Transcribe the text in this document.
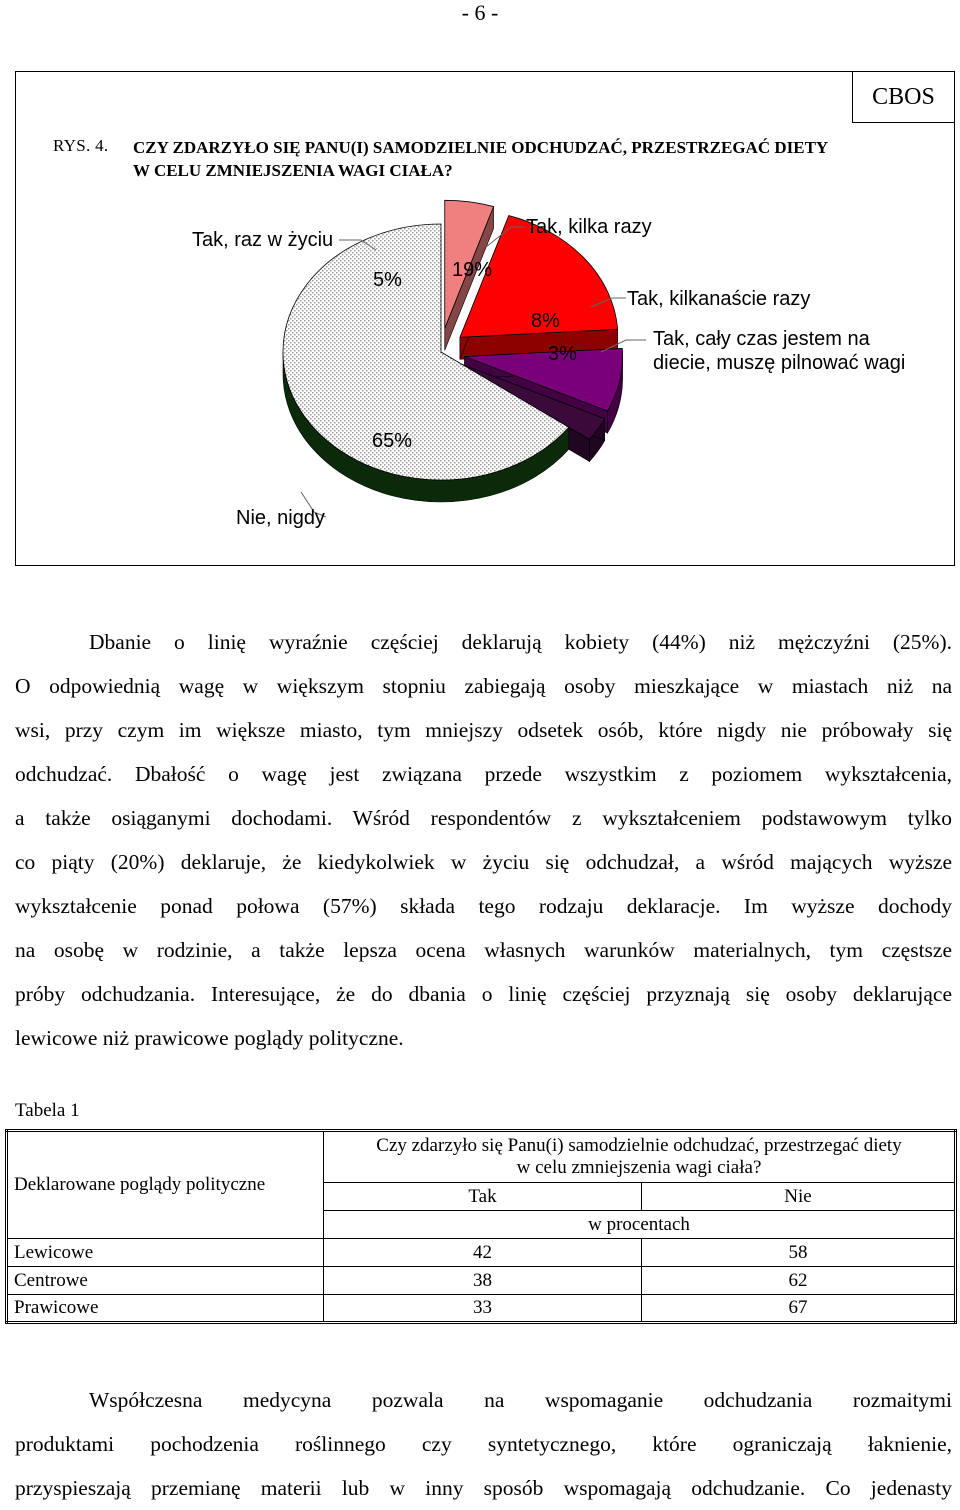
- 6 -
CBOS
RYS. 4. CZY ZDARZYŁO SIĘ PANU(I) SAMODZIELNIE ODCHUDZAĆ, PRZESTRZEGAĆ DIETY
W CELU ZMNIEJSZENIA WAGI CIAŁA?
Tak, raz w życiu
Tak, kilka razy
Tak, kilkanaście razy
Tak, cały czas jestem na
diecie, muszę pilnować wagi
Nie, nigdy
5%	19%
8%
3%
65%
Dbanie o linię wyraźnie częściej deklarują kobiety (44%) niż mężczyźni (25%).
O odpowiednią wagę w większym stopniu zabiegają osoby mieszkające w miastach niż na
wsi, przy czym im większe miasto, tym mniejszy odsetek osób, które nigdy nie próbowały się
odchudzać. Dbałość o wagę jest związana przede wszystkim z poziomem wykształcenia,
a także osiąganymi dochodami. Wśród respondentów z wykształceniem podstawowym tylko
co piąty (20%) deklaruje, że kiedykolwiek w życiu się odchudzał, a wśród mających wyższe
wykształcenie ponad połowa (57%) składa tego rodzaju deklaracje. Im wyższe dochody
na osobę w rodzinie, a także lepsza ocena własnych warunków materialnych, tym częstsze
próby odchudzania. Interesujące, że do dbania o linię częściej przyznają się osoby deklarujące
lewicowe niż prawicowe poglądy polityczne.
Tabela 1
Deklarowane poglądy polityczne	Czy zdarzyło się Panu(i) samodzielnie odchudzać, przestrzegać diety
w celu zmniejszenia wagi ciała?	

	Tak	Nie
	w procentach	
Lewicowe	42	58
Centrowe	38	62
Prawicowe	33	67
Współczesna medycyna pozwala na wspomaganie odchudzania rozmaitymi
produktami pochodzenia roślinnego czy syntetycznego, które ograniczają łaknienie,
przyspieszają przemianę materii lub w inny sposób wspomagają odchudzanie. Co jedenasty
